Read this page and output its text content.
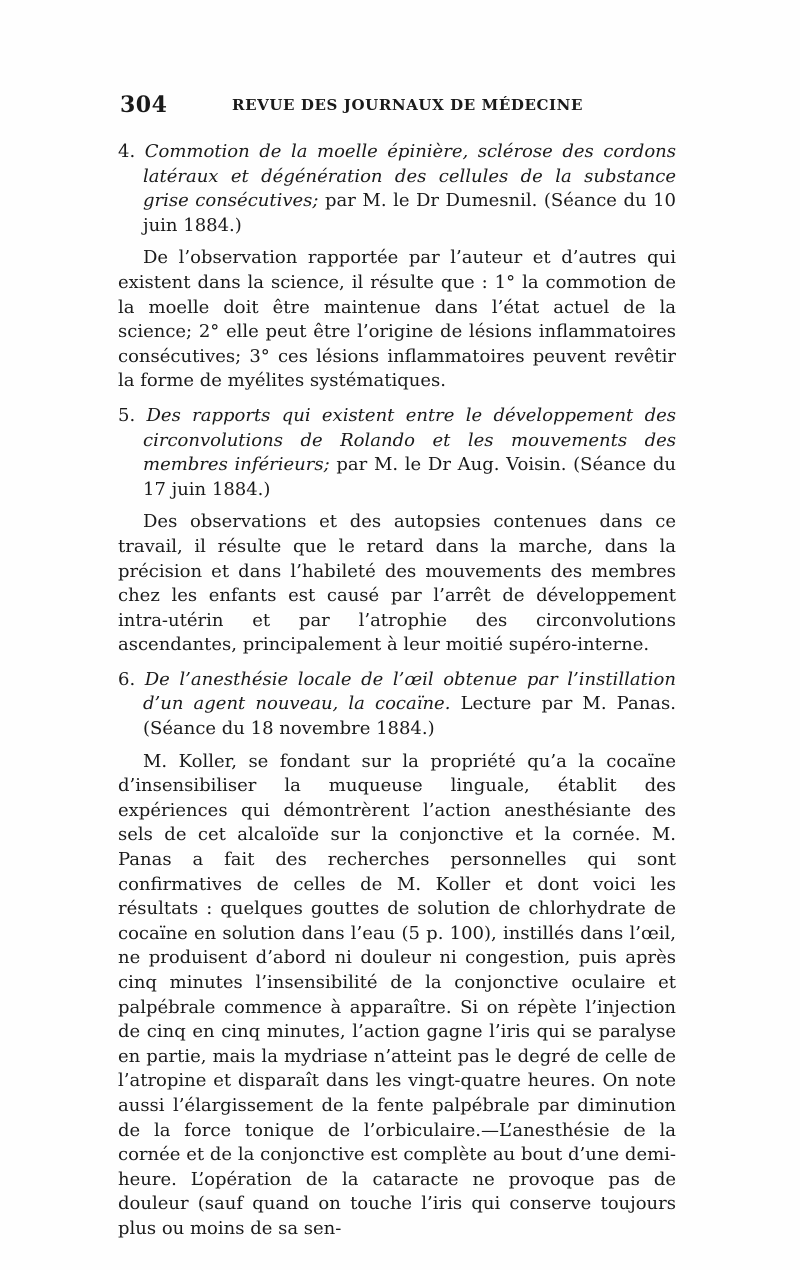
304	REVUE DES JOURNAUX DE MÉDECINE

4. Commotion de la moelle épinière, sclérose des cordons latéraux et dégénération des cellules de la substance grise consécutives; par M. le Dr Dumesnil. (Séance du 10 juin 1884.)

De l’observation rapportée par l’auteur et d’autres qui existent dans la science, il résulte que : 1° la commotion de la moelle doit être maintenue dans l’état actuel de la science; 2° elle peut être l’origine de lésions inflammatoires consécutives; 3° ces lésions inflammatoires peuvent revêtir la forme de myélites systématiques.

5. Des rapports qui existent entre le développement des circonvolutions de Rolando et les mouvements des membres inférieurs; par M. le Dr Aug. Voisin. (Séance du 17 juin 1884.)

Des observations et des autopsies contenues dans ce travail, il résulte que le retard dans la marche, dans la précision et dans l’habileté des mouvements des membres chez les enfants est causé par l’arrêt de développement intra-utérin et par l’atrophie des circonvolutions ascendantes, principalement à leur moitié supéro-interne.

6. De l’anesthésie locale de l’œil obtenue par l’instillation d’un agent nouveau, la cocaïne. Lecture par M. Panas. (Séance du 18 novembre 1884.)

M. Koller, se fondant sur la propriété qu’a la cocaïne d’insensibiliser la muqueuse linguale, établit des expériences qui démontrèrent l’action anesthésiante des sels de cet alcaloïde sur la conjonctive et la cornée. M. Panas a fait des recherches personnelles qui sont confirmatives de celles de M. Koller et dont voici les résultats : quelques gouttes de solution de chlorhydrate de cocaïne en solution dans l’eau (5 p. 100), instillés dans l’œil, ne produisent d’abord ni douleur ni congestion, puis après cinq minutes l’insensibilité de la conjonctive oculaire et palpébrale commence à apparaître. Si on répète l’injection de cinq en cinq minutes, l’action gagne l’iris qui se paralyse en partie, mais la mydriase n’atteint pas le degré de celle de l’atropine et disparaît dans les vingt-quatre heures. On note aussi l’élargissement de la fente palpébrale par diminution de la force tonique de l’orbiculaire.—L’anesthésie de la cornée et de la conjonctive est complète au bout d’une demi-heure. L’opération de la cataracte ne provoque pas de douleur (sauf quand on touche l’iris qui conserve toujours plus ou moins de sa sen-
